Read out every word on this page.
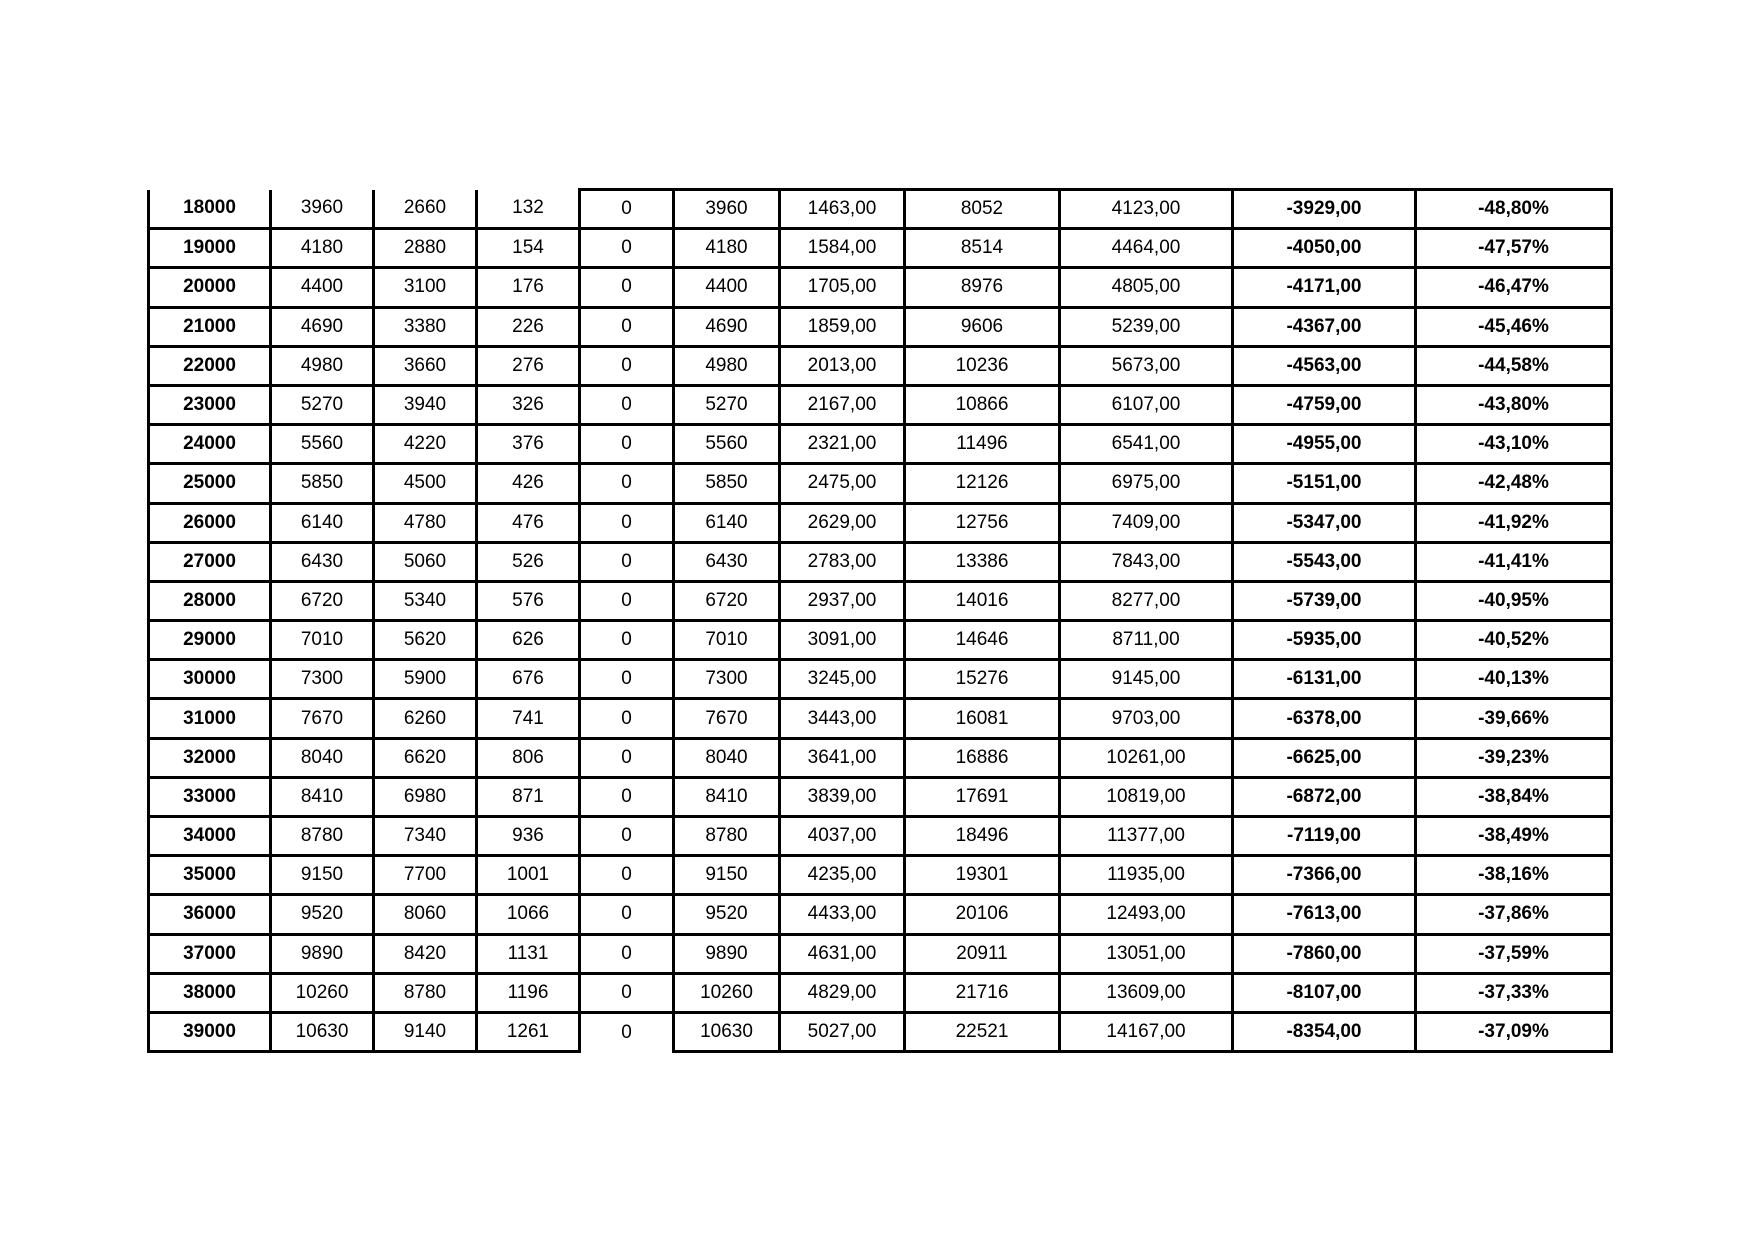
18000	3960	2660	132	0	3960	1463,00	8052	4123,00	-3929,00	-48,80%
19000	4180	2880	154	0	4180	1584,00	8514	4464,00	-4050,00	-47,57%
20000	4400	3100	176	0	4400	1705,00	8976	4805,00	-4171,00	-46,47%
21000	4690	3380	226	0	4690	1859,00	9606	5239,00	-4367,00	-45,46%
22000	4980	3660	276	0	4980	2013,00	10236	5673,00	-4563,00	-44,58%
23000	5270	3940	326	0	5270	2167,00	10866	6107,00	-4759,00	-43,80%
24000	5560	4220	376	0	5560	2321,00	11496	6541,00	-4955,00	-43,10%
25000	5850	4500	426	0	5850	2475,00	12126	6975,00	-5151,00	-42,48%
26000	6140	4780	476	0	6140	2629,00	12756	7409,00	-5347,00	-41,92%
27000	6430	5060	526	0	6430	2783,00	13386	7843,00	-5543,00	-41,41%
28000	6720	5340	576	0	6720	2937,00	14016	8277,00	-5739,00	-40,95%
29000	7010	5620	626	0	7010	3091,00	14646	8711,00	-5935,00	-40,52%
30000	7300	5900	676	0	7300	3245,00	15276	9145,00	-6131,00	-40,13%
31000	7670	6260	741	0	7670	3443,00	16081	9703,00	-6378,00	-39,66%
32000	8040	6620	806	0	8040	3641,00	16886	10261,00	-6625,00	-39,23%
33000	8410	6980	871	0	8410	3839,00	17691	10819,00	-6872,00	-38,84%
34000	8780	7340	936	0	8780	4037,00	18496	11377,00	-7119,00	-38,49%
35000	9150	7700	1001	0	9150	4235,00	19301	11935,00	-7366,00	-38,16%
36000	9520	8060	1066	0	9520	4433,00	20106	12493,00	-7613,00	-37,86%
37000	9890	8420	1131	0	9890	4631,00	20911	13051,00	-7860,00	-37,59%
38000	10260	8780	1196	0	10260	4829,00	21716	13609,00	-8107,00	-37,33%
39000	10630	9140	1261	0	10630	5027,00	22521	14167,00	-8354,00	-37,09%
